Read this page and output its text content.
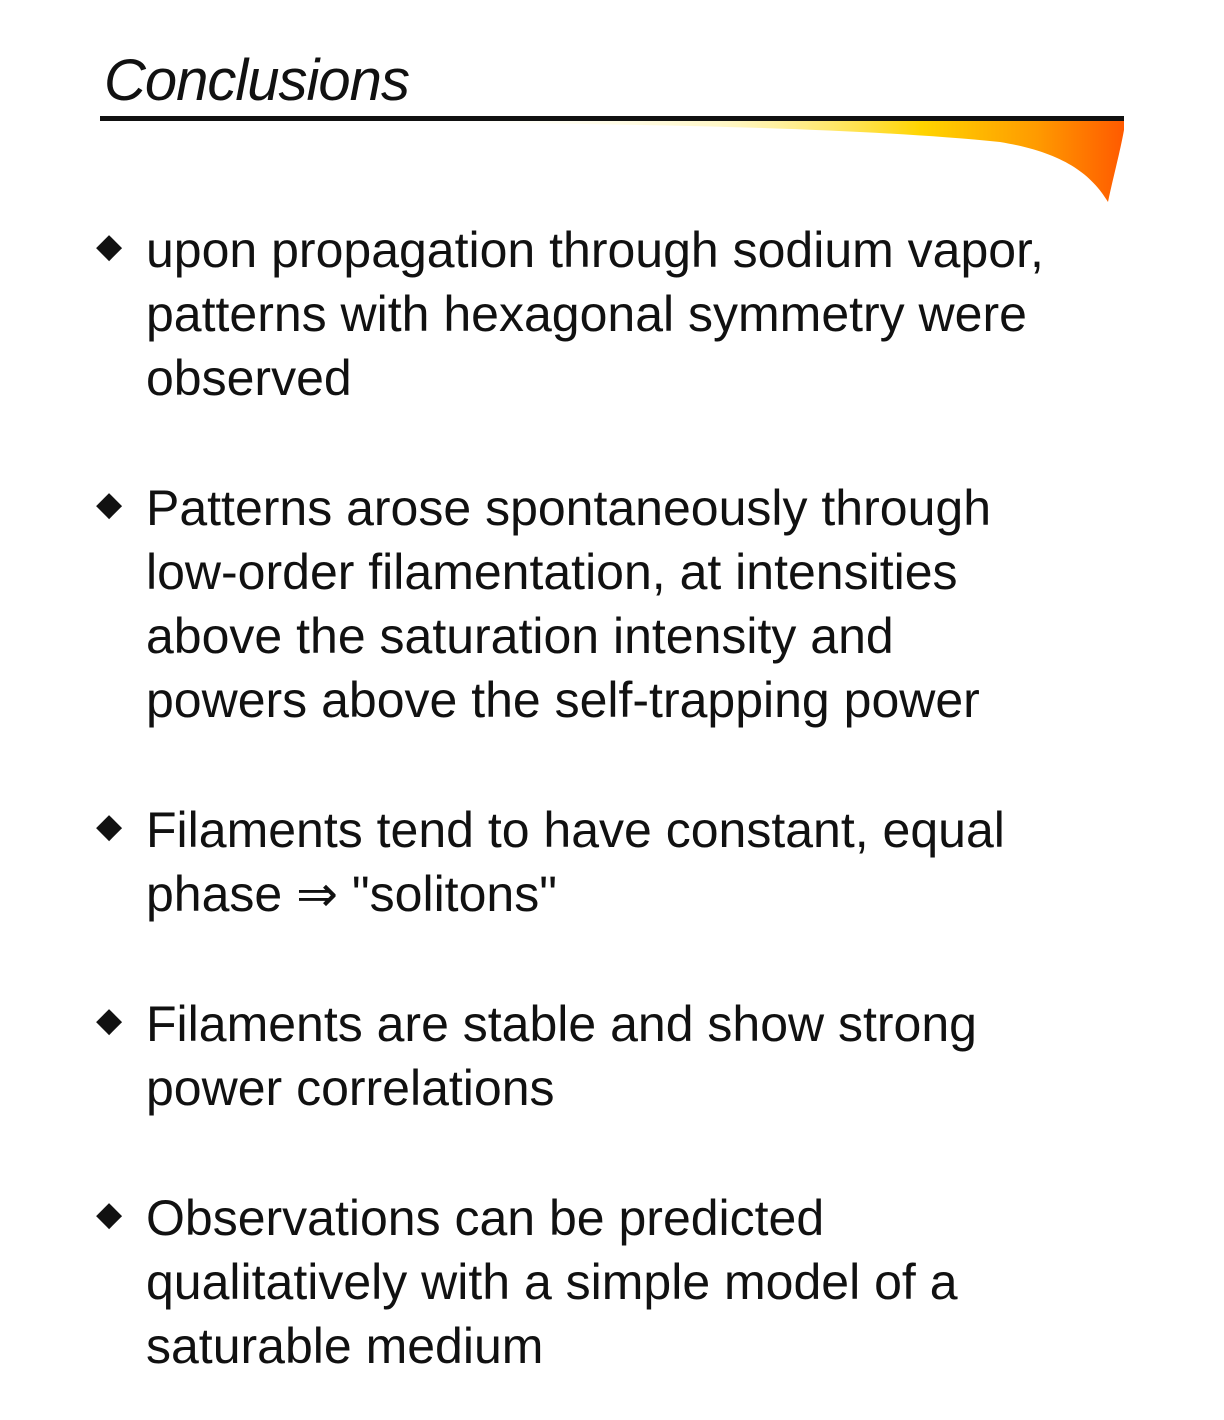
Conclusions
◆ upon propagation through sodium vapor,
patterns with hexagonal symmetry were
observed
◆ Patterns arose spontaneously through
low-order filamentation, at intensities
above the saturation intensity and
powers above the self-trapping power
◆ Filaments tend to have constant, equal
phase ⇒ "solitons"
◆ Filaments are stable and show strong
power correlations
◆ Observations can be predicted
qualitatively with a simple model of a
saturable medium
